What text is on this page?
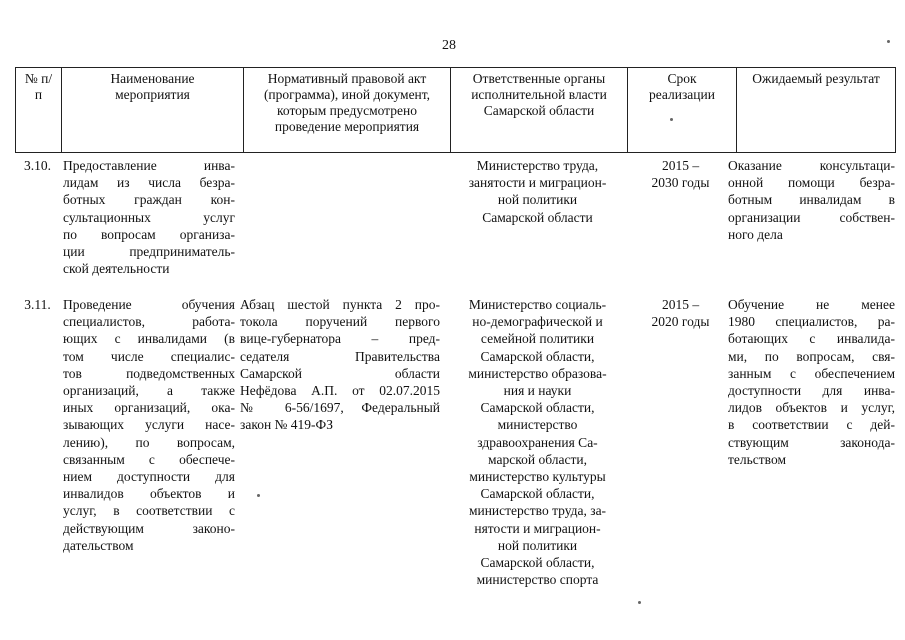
28
№ п/п
Наименование мероприятия
Нормативный правовой акт (программа), иной документ, которым предусмотрено проведение мероприятия
Ответственные органы исполнительной власти Самарской области
Срок реализации
Ожидаемый результат
3.10. Предоставление инва-
лидам из числа безра-
ботных граждан кон-
сультационных услуг
по вопросам организа-
ции предприниматель-
ской деятельности
Министерство труда,
занятости и миграцион-
ной политики
Самарской области
2015 –
2030 годы
Оказание консультаци-
онной помощи безра-
ботным инвалидам в
организации собствен-
ного дела
3.11. Проведение обучения
специалистов, работа-
ющих с инвалидами (в
том числе специалис-
тов подведомственных
организаций, а также
иных организаций, ока-
зывающих услуги насе-
лению), по вопросам,
связанным с обеспече-
нием доступности для
инвалидов объектов и
услуг, в соответствии с
действующим законо-
дательством
Абзац шестой пункта 2 про-
токола поручений первого
вице-губернатора – пред-
седателя Правительства
Самарской области
Нефёдова А.П. от 02.07.2015
№ 6-56/1697, Федеральный
закон № 419-ФЗ
Министерство социаль-
но-демографической и
семейной политики
Самарской области,
министерство образова-
ния и науки
Самарской области,
министерство
здравоохранения Са-
марской области,
министерство культуры
Самарской области,
министерство труда, за-
нятости и миграцион-
ной политики
Самарской области,
министерство спорта
2015 –
2020 годы
Обучение не менее
1980 специалистов, ра-
ботающих с инвалида-
ми, по вопросам, свя-
занным с обеспечением
доступности для инва-
лидов объектов и услуг,
в соответствии с дей-
ствующим законода-
тельством
